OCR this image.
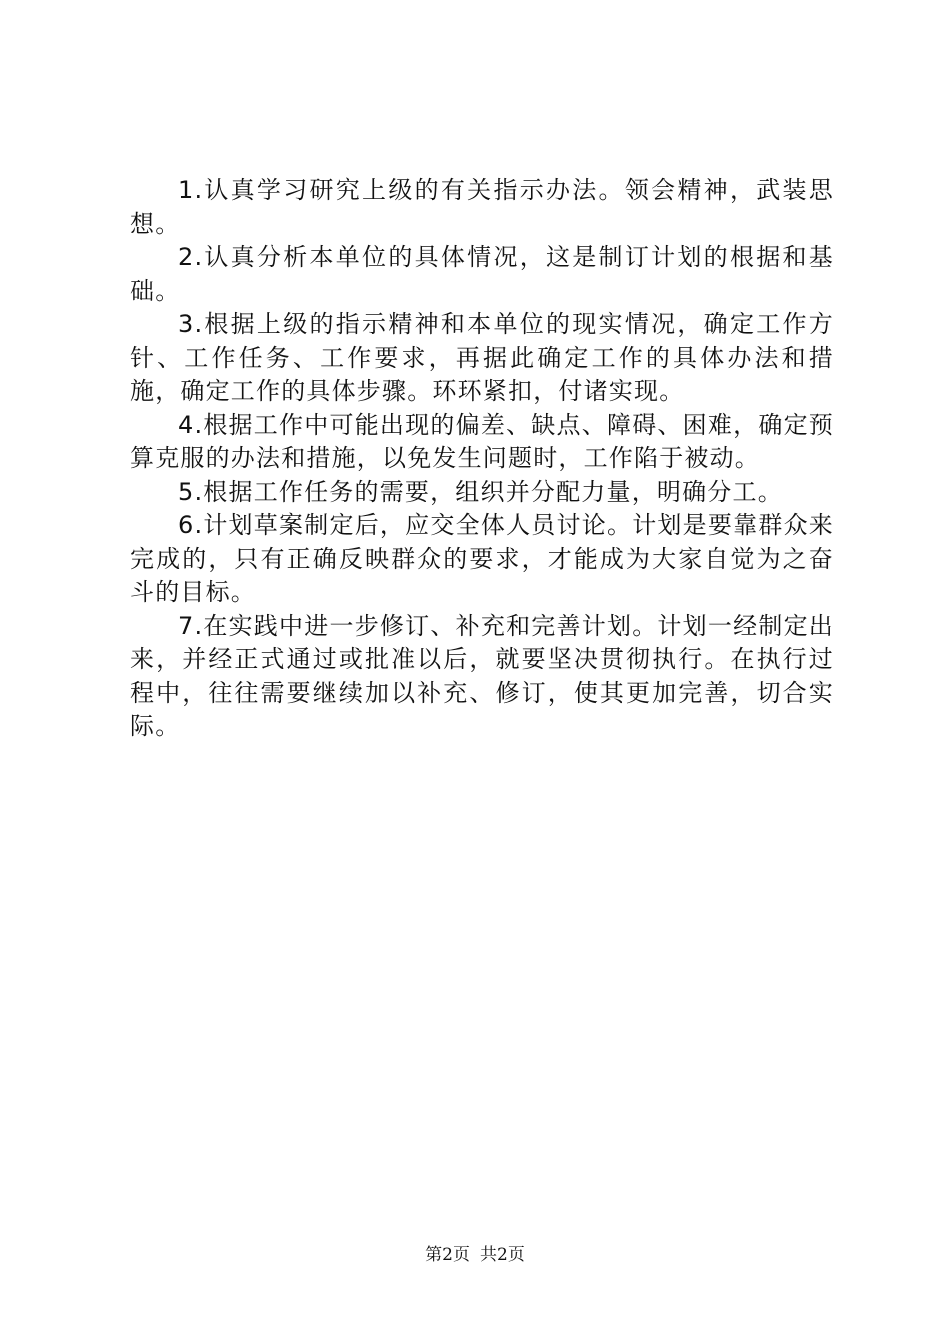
1.认真学习研究上级的有关指示办法。领会精神，武装思想。

2.认真分析本单位的具体情况，这是制订计划的根据和基础。

3.根据上级的指示精神和本单位的现实情况，确定工作方针、工作任务、工作要求，再据此确定工作的具体办法和措施，确定工作的具体步骤。环环紧扣，付诸实现。

4.根据工作中可能出现的偏差、缺点、障碍、困难，确定预算克服的办法和措施，以免发生问题时，工作陷于被动。

5.根据工作任务的需要，组织并分配力量，明确分工。

6.计划草案制定后，应交全体人员讨论。计划是要靠群众来完成的，只有正确反映群众的要求，才能成为大家自觉为之奋斗的目标。

7.在实践中进一步修订、补充和完善计划。计划一经制定出来，并经正式通过或批准以后，就要坚决贯彻执行。在执行过程中，往往需要继续加以补充、修订，使其更加完善，切合实际。

第2页 共2页
